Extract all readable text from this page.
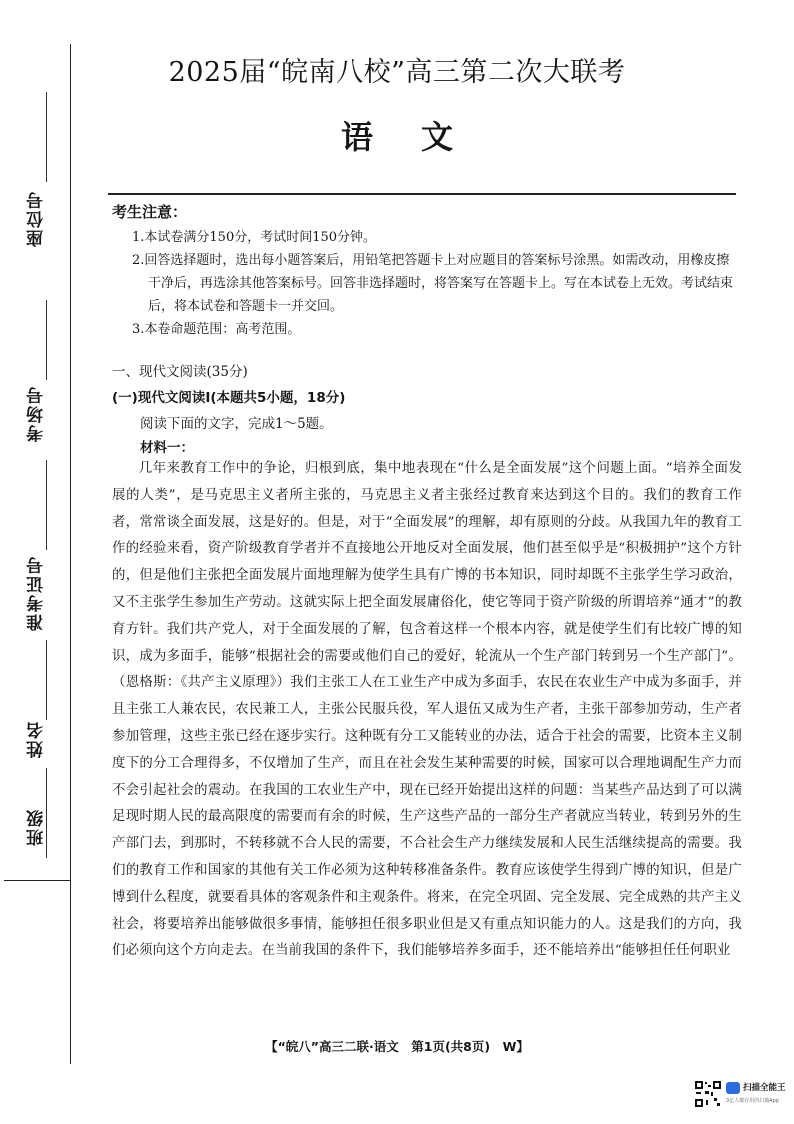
座位号
考场号
准考证号
姓名
班级
2025届“皖南八校”高三第二次大联考
语文
考生注意：
1.本试卷满分150分，考试时间150分钟。
2.回答选择题时，选出每小题答案后，用铅笔把答题卡上对应题目的答案标号涂黑。如需改动，用橡皮擦干净后，再选涂其他答案标号。回答非选择题时，将答案写在答题卡上。写在本试卷上无效。考试结束后，将本试卷和答题卡一并交回。
3.本卷命题范围：高考范围。
一、现代文阅读(35分)
(一)现代文阅读Ⅰ(本题共5小题，18分)
阅读下面的文字，完成1～5题。
材料一：
几年来教育工作中的争论，归根到底，集中地表现在“什么是全面发展”这个问题上面。“培养全面发展的人类”，是马克思主义者所主张的，马克思主义者主张经过教育来达到这个目的。我们的教育工作者，常常谈全面发展，这是好的。但是，对于“全面发展”的理解，却有原则的分歧。从我国九年的教育工作的经验来看，资产阶级教育学者并不直接地公开地反对全面发展，他们甚至似乎是“积极拥护”这个方针的，但是他们主张把全面发展片面地理解为使学生具有广博的书本知识，同时却既不主张学生学习政治，又不主张学生参加生产劳动。这就实际上把全面发展庸俗化，使它等同于资产阶级的所谓培养“通才”的教育方针。我们共产党人，对于全面发展的了解，包含着这样一个根本内容，就是使学生们有比较广博的知识，成为多面手，能够“根据社会的需要或他们自己的爱好，轮流从一个生产部门转到另一个生产部门”。（恩格斯：《共产主义原理》）我们主张工人在工业生产中成为多面手，农民在农业生产中成为多面手，并且主张工人兼农民，农民兼工人，主张公民服兵役，军人退伍又成为生产者，主张干部参加劳动，生产者参加管理，这些主张已经在逐步实行。这种既有分工又能转业的办法，适合于社会的需要，比资本主义制度下的分工合理得多，不仅增加了生产，而且在社会发生某种需要的时候，国家可以合理地调配生产力而不会引起社会的震动。在我国的工农业生产中，现在已经开始提出这样的问题：当某些产品达到了可以满足现时期人民的最高限度的需要而有余的时候，生产这些产品的一部分生产者就应当转业，转到另外的生产部门去，到那时，不转移就不合人民的需要，不合社会生产力继续发展和人民生活继续提高的需要。我们的教育工作和国家的其他有关工作必须为这种转移准备条件。教育应该使学生得到广博的知识，但是广博到什么程度，就要看具体的客观条件和主观条件。将来，在完全巩固、完全发展、完全成熟的共产主义社会，将要培养出能够做很多事情，能够担任很多职业但是又有重点知识能力的人。这是我们的方向，我们必须向这个方向走去。在当前我国的条件下，我们能够培养多面手，还不能培养出“能够担任任何职业
【“皖八”高三二联·语文　第1页(共8页)　W】
扫描全能王
3亿人都在用的扫描App
